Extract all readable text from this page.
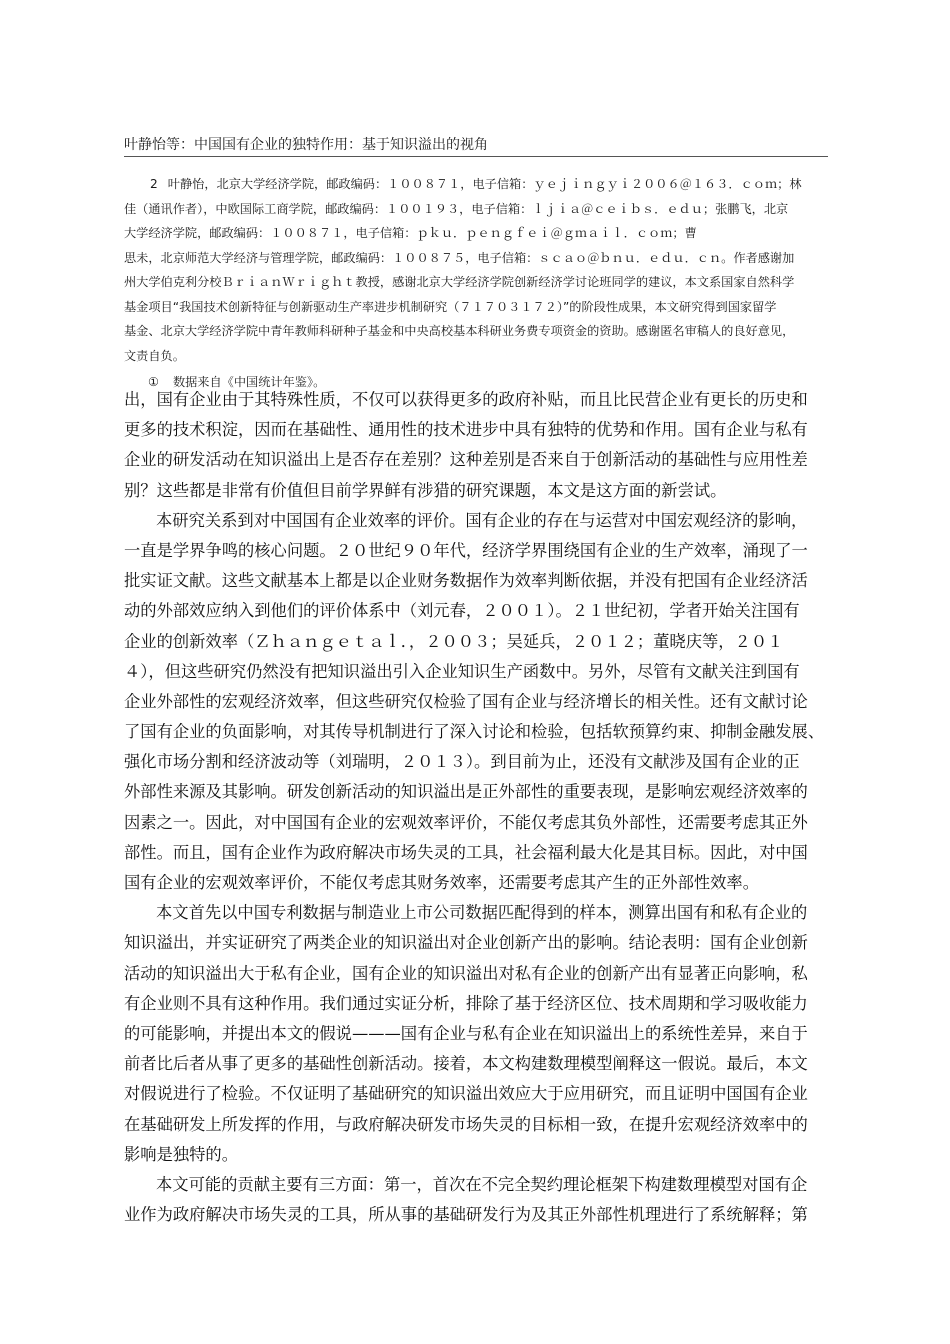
叶静怡等：中国国有企业的独特作用：基于知识溢出的视角
2 叶静怡，北京大学经济学院，邮政编码：１００８７１，电子信箱：ｙｅｊｉｎｇｙｉ２００６＠１６３．ｃｏｍ；林
佳（通讯作者），中欧国际工商学院，邮政编码：１００１９３，电子信箱：ｌｊｉａ＠ｃｅｉｂｓ．ｅｄｕ；张鹏飞，北京
大学经济学院，邮政编码：１００８７１，电子信箱：ｐｋｕ．ｐｅｎｇｆｅｉ＠ｇｍａｉｌ．ｃｏｍ；曹
思未，北京师范大学经济与管理学院，邮政编码：１００８７５，电子信箱：ｓｃａｏ＠ｂｎｕ．ｅｄｕ．ｃｎ。作者感谢加
州大学伯克利分校ＢｒｉａｎＷｒｉｇｈｔ教授，感谢北京大学经济学院创新经济学讨论班同学的建议，本文系国家自然科学
基金项目“我国技术创新特征与创新驱动生产率进步机制研究（７１７０３１７２）”的阶段性成果，本文研究得到国家留学
基金、北京大学经济学院中青年教师科研种子基金和中央高校基本科研业务费专项资金的资助。感谢匿名审稿人的良好意见，
文责自负。
① 数据来自《中国统计年鉴》。
出，国有企业由于其特殊性质，不仅可以获得更多的政府补贴，而且比民营企业有更长的历史和
更多的技术积淀，因而在基础性、通用性的技术进步中具有独特的优势和作用。国有企业与私有
企业的研发活动在知识溢出上是否存在差别？这种差别是否来自于创新活动的基础性与应用性差
别？这些都是非常有价值但目前学界鲜有涉猎的研究课题，本文是这方面的新尝试。
本研究关系到对中国国有企业效率的评价。国有企业的存在与运营对中国宏观经济的影响，
一直是学界争鸣的核心问题。２０世纪９０年代，经济学界围绕国有企业的生产效率，涌现了一
批实证文献。这些文献基本上都是以企业财务数据作为效率判断依据，并没有把国有企业经济活
动的外部效应纳入到他们的评价体系中（刘元春，２００１）。２１世纪初，学者开始关注国有
企业的创新效率（Ｚｈａｎｇｅｔａｌ．，２００３；吴延兵，２０１２；董晓庆等，２０１
４），但这些研究仍然没有把知识溢出引入企业知识生产函数中。另外，尽管有文献关注到国有
企业外部性的宏观经济效率，但这些研究仅检验了国有企业与经济增长的相关性。还有文献讨论
了国有企业的负面影响，对其传导机制进行了深入讨论和检验，包括软预算约束、抑制金融发展、
强化市场分割和经济波动等（刘瑞明，２０１３）。到目前为止，还没有文献涉及国有企业的正
外部性来源及其影响。研发创新活动的知识溢出是正外部性的重要表现，是影响宏观经济效率的
因素之一。因此，对中国国有企业的宏观效率评价，不能仅考虑其负外部性，还需要考虑其正外
部性。而且，国有企业作为政府解决市场失灵的工具，社会福利最大化是其目标。因此，对中国
国有企业的宏观效率评价，不能仅考虑其财务效率，还需要考虑其产生的正外部性效率。
本文首先以中国专利数据与制造业上市公司数据匹配得到的样本，测算出国有和私有企业的
知识溢出，并实证研究了两类企业的知识溢出对企业创新产出的影响。结论表明：国有企业创新
活动的知识溢出大于私有企业，国有企业的知识溢出对私有企业的创新产出有显著正向影响，私
有企业则不具有这种作用。我们通过实证分析，排除了基于经济区位、技术周期和学习吸收能力
的可能影响，并提出本文的假说———国有企业与私有企业在知识溢出上的系统性差异，来自于
前者比后者从事了更多的基础性创新活动。接着，本文构建数理模型阐释这一假说。最后，本文
对假说进行了检验。不仅证明了基础研究的知识溢出效应大于应用研究，而且证明中国国有企业
在基础研发上所发挥的作用，与政府解决研发市场失灵的目标相一致，在提升宏观经济效率中的
影响是独特的。
本文可能的贡献主要有三方面：第一，首次在不完全契约理论框架下构建数理模型对国有企
业作为政府解决市场失灵的工具，所从事的基础研发行为及其正外部性机理进行了系统解释；第
